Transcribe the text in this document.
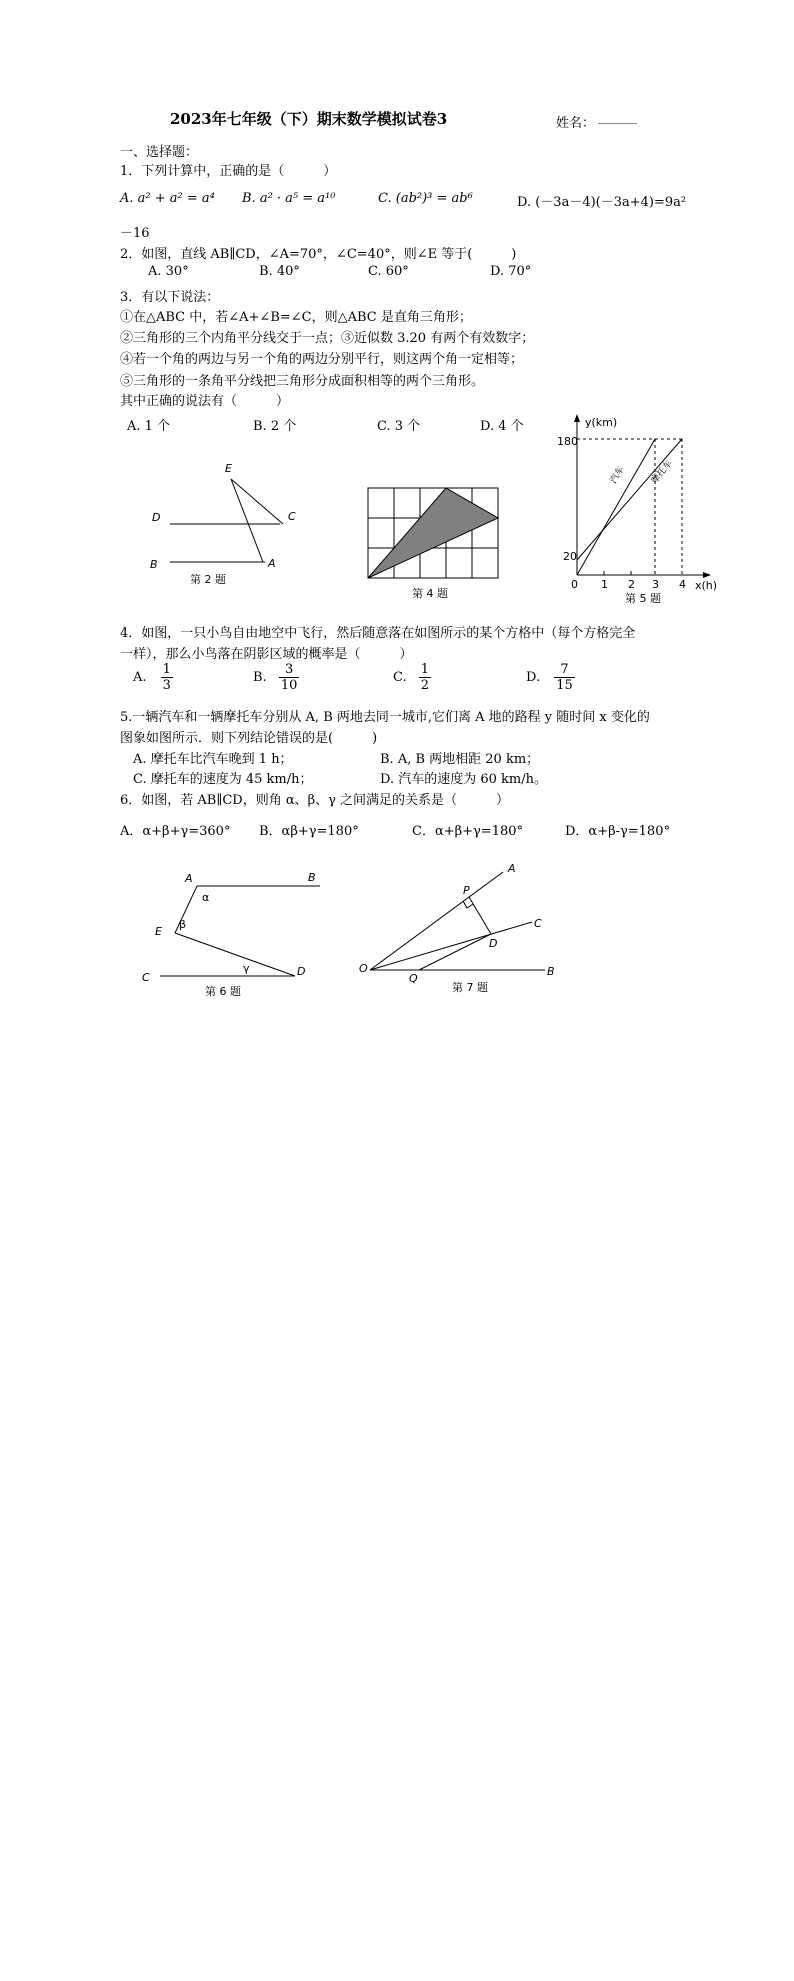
2023年七年级（下）期末数学模拟试卷3	姓名： ______
一、选择题：
1．下列计算中，正确的是（　　　）
A. a² + a² = a⁴ B. a² · a⁵ = a¹⁰	C. (ab²)³ = ab⁶	D. (－3a－4)(－3a+4)=9a²
－16
2．如图，直线 AB∥CD，∠A=70°，∠C=40°，则∠E 等于(　　　)
A. 30°	B. 40°	C. 60°	D. 70°
3．有以下说法：
①在△ABC 中，若∠A+∠B=∠C，则△ABC 是直角三角形；
②三角形的三个内角平分线交于一点；③近似数 3.20 有两个有效数字；
④若一个角的两边与另一个角的两边分别平行，则这两个角一定相等；
⑤三角形的一条角平分线把三角形分成面积相等的两个三角形。
其中正确的说法有（　　　）
A. 1 个	B. 2 个	C. 3 个	D. 4 个
E
D	C
B	A
第 2 题
第 4 题
y(km)
x(h)
180
20
0 1 2 3 4
汽车	摩托车
第 5 题
4．如图，一只小鸟自由地空中飞行，然后随意落在如图所示的某个方格中（每个方格完全
一样），那么小鸟落在阴影区域的概率是（　　　）
A. $\frac{1}{3}$	B. $\frac{3}{10}$	C. $\frac{1}{2}$	D. $\frac{7}{15}$
5.一辆汽车和一辆摩托车分别从 A, B 两地去同一城市,它们离 A 地的路程 y 随时间 x 变化的
图象如图所示．则下列结论错误的是(　　　)
A. 摩托车比汽车晚到 1 h；	B. A, B 两地相距 20 km；
C. 摩托车的速度为 45 km/h；	D. 汽车的速度为 60 km/h。
6．如图，若 AB∥CD，则角 α、β、γ 之间满足的关系是（　　　）
A．α+β+γ=360° B．αβ+γ=180°	C．α+β+γ=180°	D．α+β-γ=180°
A	B
E
C	D
α
β
γ
第 6 题
A
P
C
D
O
Q
B
第 7 题
